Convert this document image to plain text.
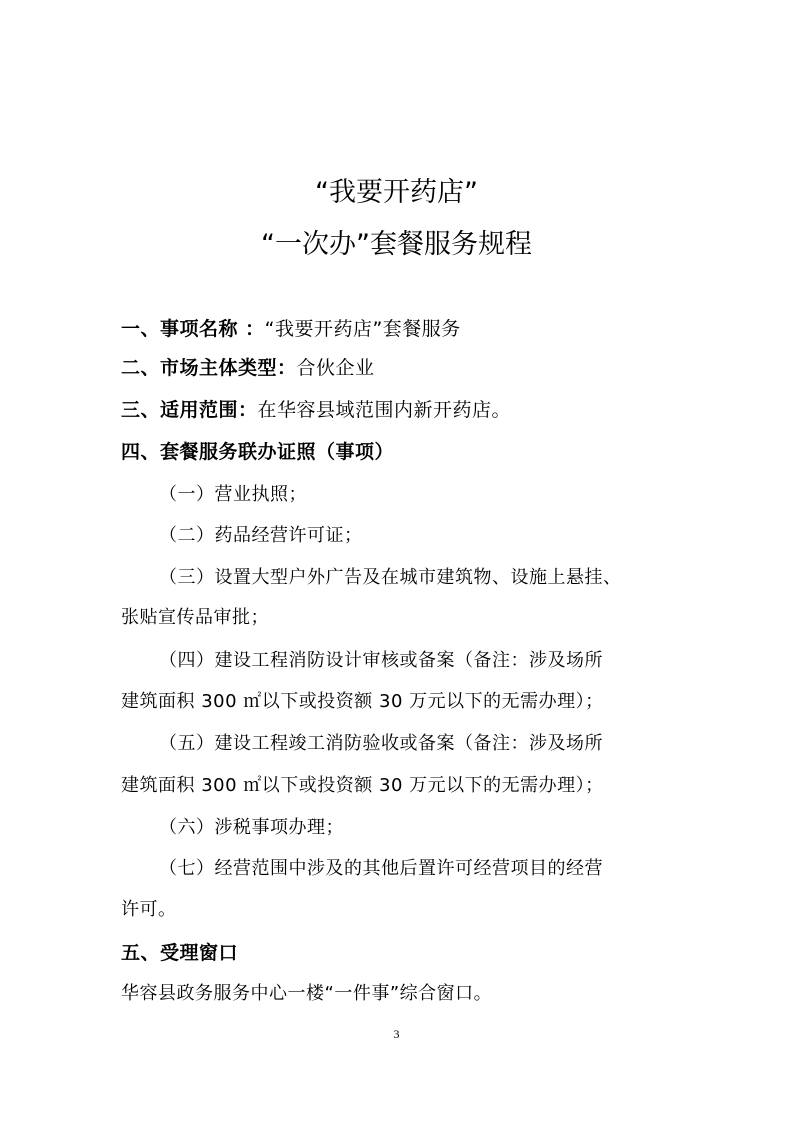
“我要开药店”
“一次办”套餐服务规程
一、事项名称 ：“我要开药店”套餐服务
二、市场主体类型：合伙企业
三、适用范围：在华容县域范围内新开药店。
四、套餐服务联办证照（事项）
（一）营业执照；
（二）药品经营许可证；
（三）设置大型户外广告及在城市建筑物、设施上悬挂、
张贴宣传品审批；
（四）建设工程消防设计审核或备案（备注：涉及场所
建筑面积 300 ㎡以下或投资额 30 万元以下的无需办理）；
（五）建设工程竣工消防验收或备案（备注：涉及场所
建筑面积 300 ㎡以下或投资额 30 万元以下的无需办理）；
（六）涉税事项办理；
（七）经营范围中涉及的其他后置许可经营项目的经营
许可。
五、受理窗口
华容县政务服务中心一楼“一件事”综合窗口。
3
